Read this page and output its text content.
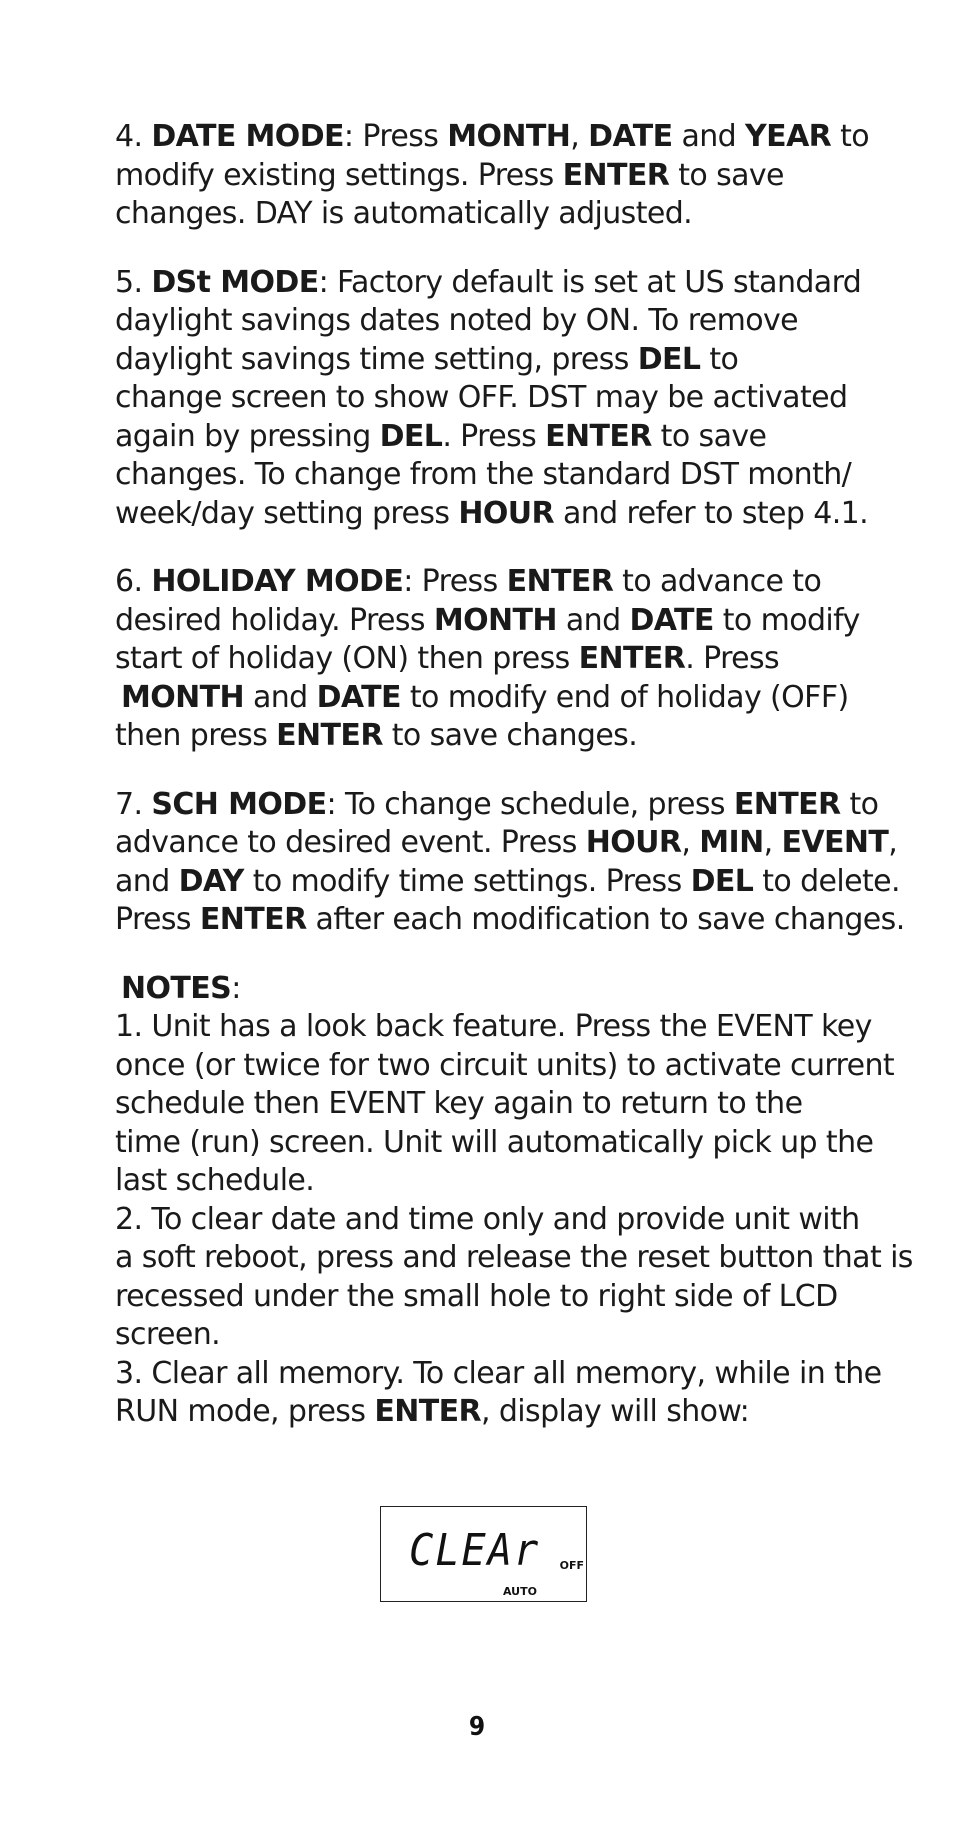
4. DATE MODE: Press MONTH, DATE and YEAR to
modify existing settings. Press ENTER to save
changes. DAY is automatically adjusted.

5. DSt MODE: Factory default is set at US standard
daylight savings dates noted by ON. To remove
daylight savings time setting, press DEL to
change screen to show OFF. DST may be activated
again by pressing DEL. Press ENTER to save
changes. To change from the standard DST month/
week/day setting press HOUR and refer to step 4.1.

6. HOLIDAY MODE: Press ENTER to advance to
desired holiday. Press MONTH and DATE to modify
start of holiday (ON) then press ENTER. Press
MONTH and DATE to modify end of holiday (OFF)
then press ENTER to save changes.

7. SCH MODE: To change schedule, press ENTER to
advance to desired event. Press HOUR, MIN, EVENT,
and DAY to modify time settings. Press DEL to delete.
Press ENTER after each modification to save changes.

NOTES:
1. Unit has a look back feature. Press the EVENT key
once (or twice for two circuit units) to activate current
schedule then EVENT key again to return to the
time (run) screen. Unit will automatically pick up the
last schedule.
2. To clear date and time only and provide unit with
a soft reboot, press and release the reset button that is
recessed under the small hole to right side of LCD
screen.
3. Clear all memory. To clear all memory, while in the
RUN mode, press ENTER, display will show:
CLEAr OFF
AUTO
9
